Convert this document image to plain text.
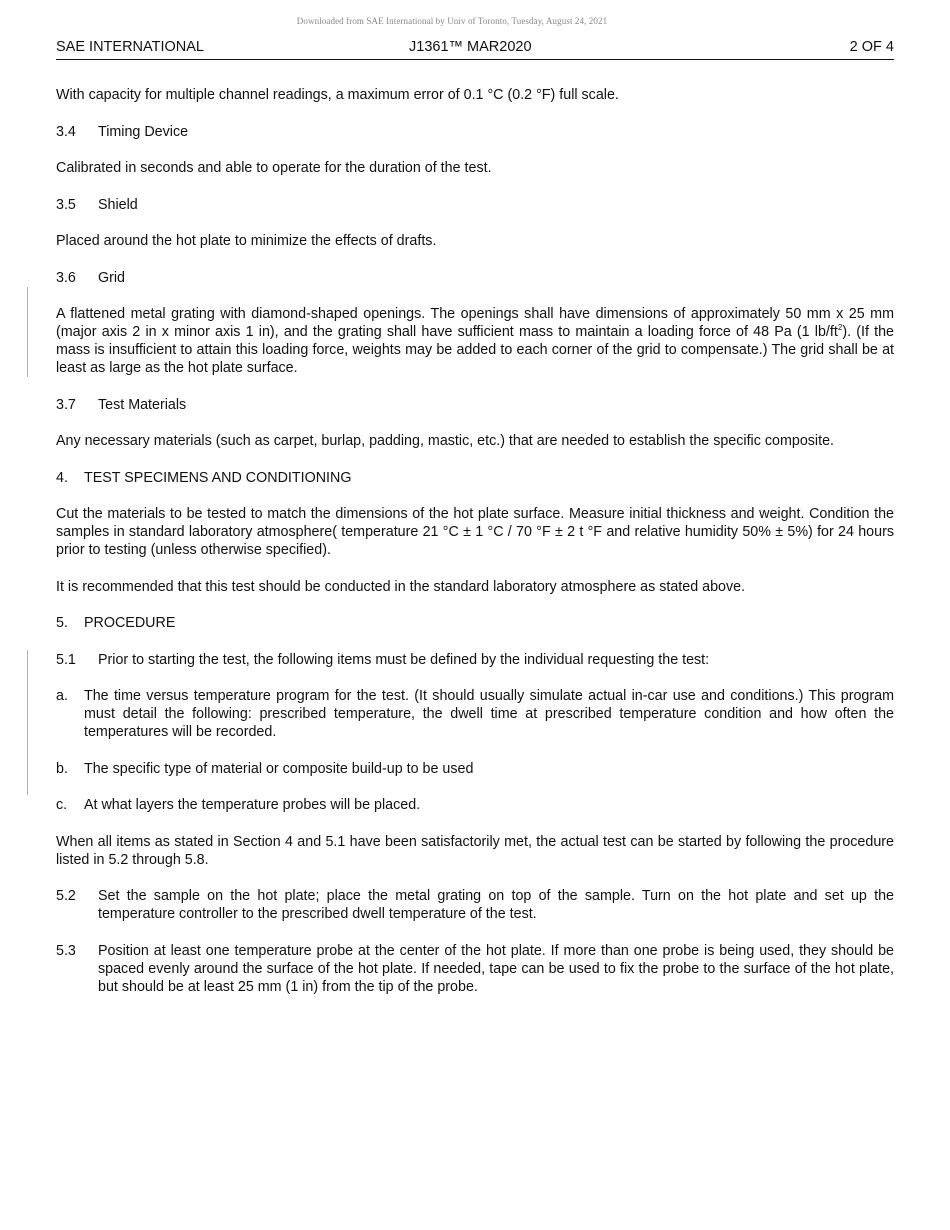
Downloaded from SAE International by Univ of Toronto, Tuesday, August 24, 2021
SAE INTERNATIONAL	J1361™ MAR2020	2 OF 4

With capacity for multiple channel readings, a maximum error of 0.1 °C (0.2 °F) full scale.

3.4 Timing Device

Calibrated in seconds and able to operate for the duration of the test.

3.5 Shield

Placed around the hot plate to minimize the effects of drafts.

3.6 Grid

A flattened metal grating with diamond-shaped openings. The openings shall have dimensions of approximately 50 mm x 25 mm (major axis 2 in x minor axis 1 in), and the grating shall have sufficient mass to maintain a loading force of 48 Pa (1 $lb/ft^2$). (If the mass is insufficient to attain this loading force, weights may be added to each corner of the grid to compensate.) The grid shall be at least as large as the hot plate surface.

3.7 Test Materials

Any necessary materials (such as carpet, burlap, padding, mastic, etc.) that are needed to establish the specific composite.

4. TEST SPECIMENS AND CONDITIONING

Cut the materials to be tested to match the dimensions of the hot plate surface. Measure initial thickness and weight. Condition the samples in standard laboratory atmosphere( temperature 21 °C ± 1 °C / 70 °F ± 2 t °F and relative humidity 50% ± 5%) for 24 hours prior to testing (unless otherwise specified).

It is recommended that this test should be conducted in the standard laboratory atmosphere as stated above.

5. PROCEDURE

5.1 Prior to starting the test, the following items must be defined by the individual requesting the test:

a.	The time versus temperature program for the test. (It should usually simulate actual in-car use and conditions.) This program must detail the following: prescribed temperature, the dwell time at prescribed temperature condition and how often the temperatures will be recorded.
b.	The specific type of material or composite build-up to be used
c.	At what layers the temperature probes will be placed.

When all items as stated in Section 4 and 5.1 have been satisfactorily met, the actual test can be started by following the procedure listed in 5.2 through 5.8.

5.2	Set the sample on the hot plate; place the metal grating on top of the sample. Turn on the hot plate and set up the temperature controller to the prescribed dwell temperature of the test.
5.3	Position at least one temperature probe at the center of the hot plate. If more than one probe is being used, they should be spaced evenly around the surface of the hot plate. If needed, tape can be used to fix the probe to the surface of the hot plate, but should be at least 25 mm (1 in) from the tip of the probe.
